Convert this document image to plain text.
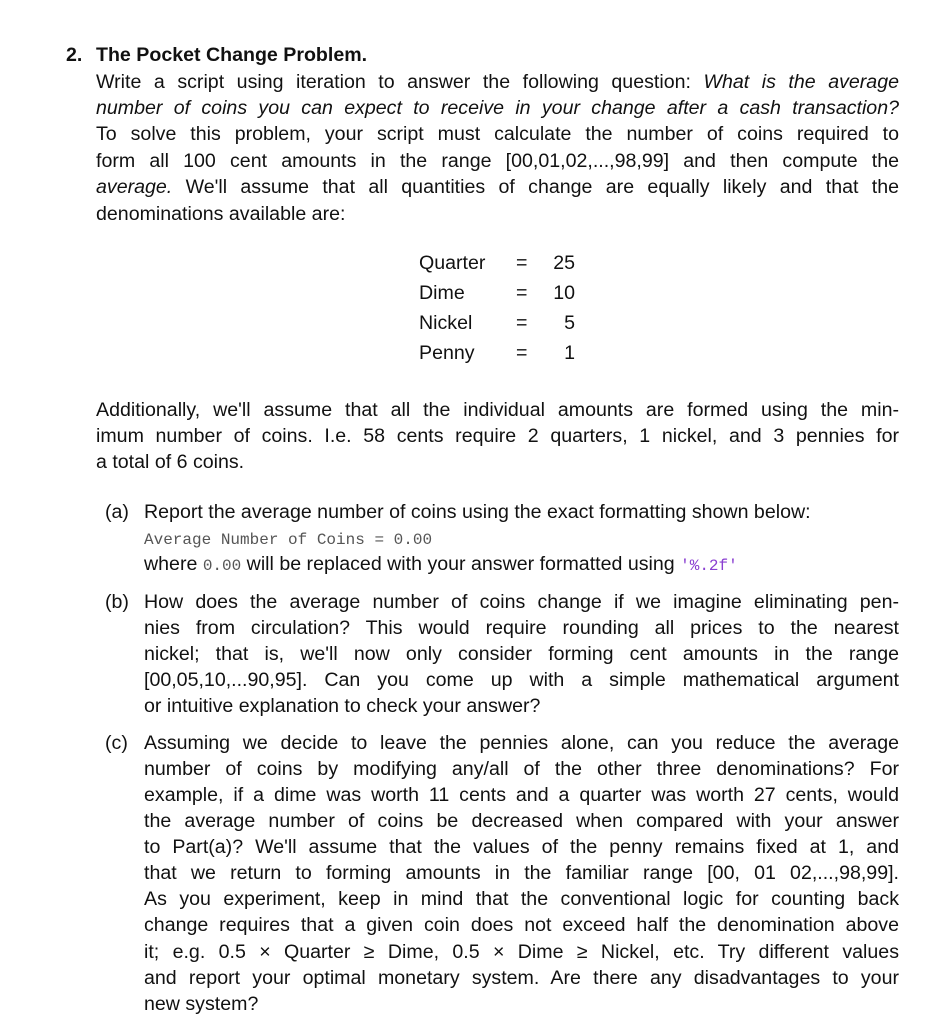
2. The Pocket Change Problem.
Write a script using iteration to answer the following question: What is the average
number of coins you can expect to receive in your change after a cash transaction?
To solve this problem, your script must calculate the number of coins required to
form all 100 cent amounts in the range [00,01,02,...,98,99] and then compute the
average. We'll assume that all quantities of change are equally likely and that the
denominations available are:
Quarter =	25
Dime	=	10
Nickel =	5
Penny =	1
Additionally, we'll assume that all the individual amounts are formed using the min-
imum number of coins. I.e. 58 cents require 2 quarters, 1 nickel, and 3 pennies for
a total of 6 coins.
(a) Report the average number of coins using the exact formatting shown below:
Average Number of Coins = 0.00
where 0.00 will be replaced with your answer formatted using '%.2f'
(b) How does the average number of coins change if we imagine eliminating pen-
nies from circulation? This would require rounding all prices to the nearest
nickel; that is, we'll now only consider forming cent amounts in the range
[00,05,10,...90,95]. Can you come up with a simple mathematical argument
or intuitive explanation to check your answer?
(c) Assuming we decide to leave the pennies alone, can you reduce the average
number of coins by modifying any/all of the other three denominations? For
example, if a dime was worth 11 cents and a quarter was worth 27 cents, would
the average number of coins be decreased when compared with your answer
to Part(a)? We'll assume that the values of the penny remains fixed at 1, and
that we return to forming amounts in the familiar range [00, 01 02,...,98,99].
As you experiment, keep in mind that the conventional logic for counting back
change requires that a given coin does not exceed half the denomination above
it; e.g. 0.5 × Quarter ≥ Dime, 0.5 × Dime ≥ Nickel, etc. Try different values
and report your optimal monetary system. Are there any disadvantages to your
new system?
